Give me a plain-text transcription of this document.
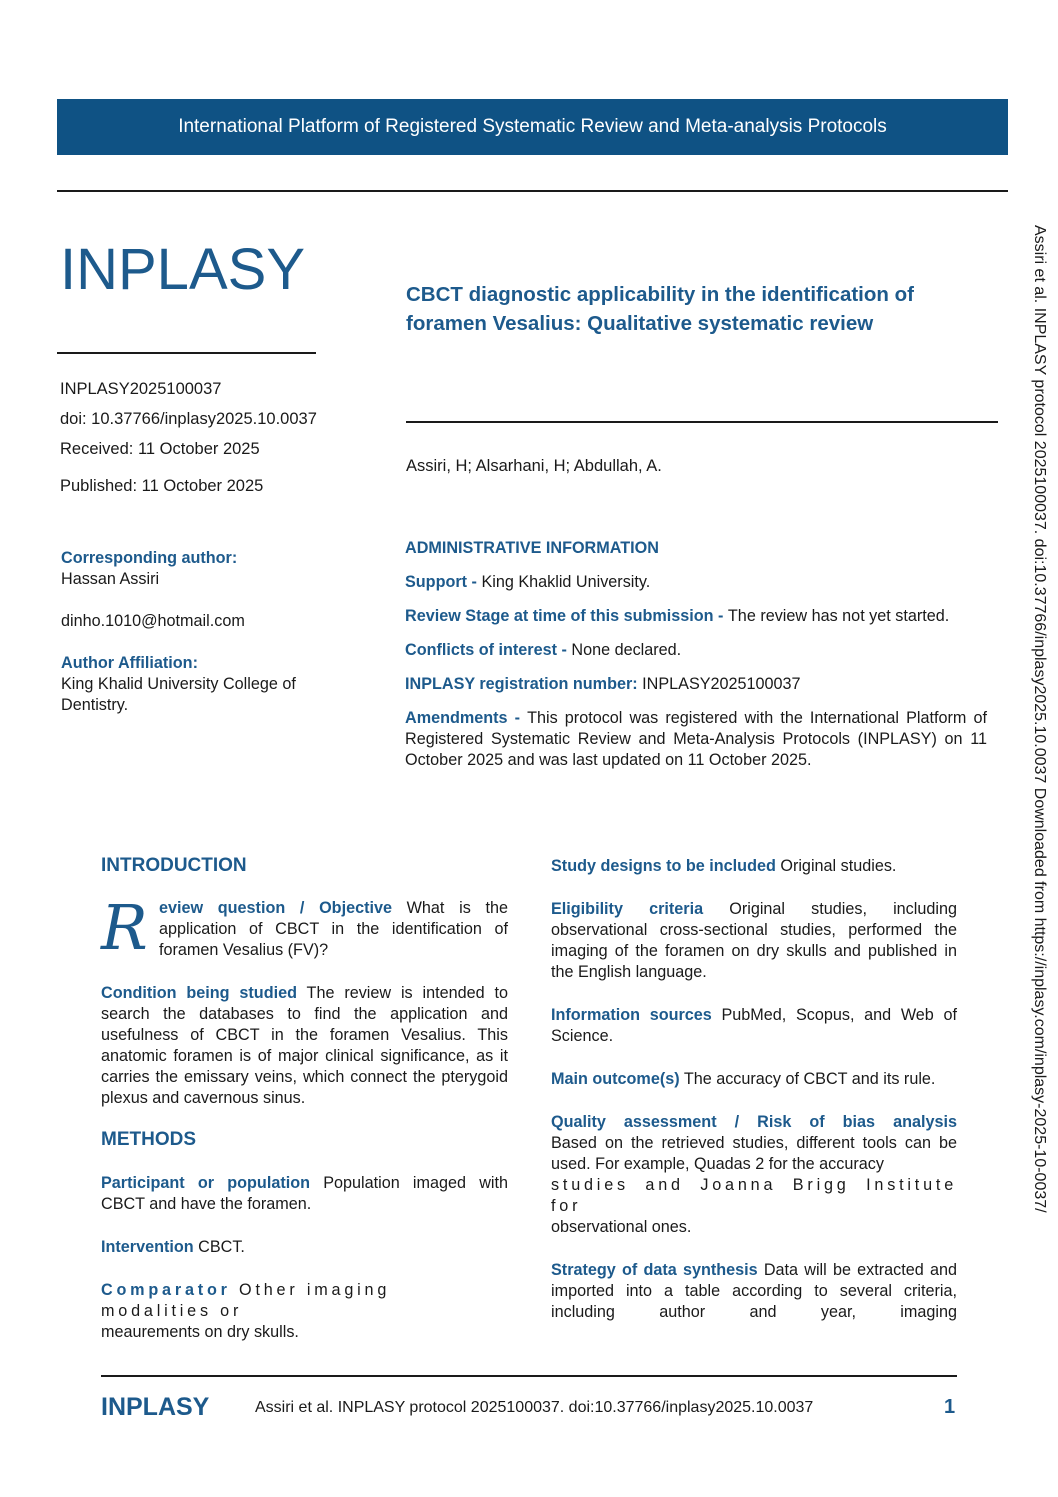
International Platform of Registered Systematic Review and Meta-analysis Protocols
INPLASY
INPLASY2025100037
doi: 10.37766/inplasy2025.10.0037
Received: 11 October 2025
Published: 11 October 2025
CBCT diagnostic applicability in the identification of foramen Vesalius: Qualitative systematic review
Assiri, H; Alsarhani, H; Abdullah, A.
Corresponding author:
Hassan Assiri
dinho.1010@hotmail.com
Author Affiliation:
King Khalid University College of Dentistry.

ADMINISTRATIVE INFORMATION

Support - King Khaklid University.

Review Stage at time of this submission - The review has not yet started.

Conflicts of interest - None declared.

INPLASY registration number: INPLASY2025100037

Amendments - This protocol was registered with the International Platform of Registered Systematic Review and Meta-Analysis Protocols (INPLASY) on 11 October 2025 and was last updated on 11 October 2025.

INTRODUCTION

Review question / Objective What is the application of CBCT in the identification of foramen Vesalius (FV)?

Condition being studied The review is intended to search the databases to find the application and usefulness of CBCT in the foramen Vesalius. This anatomic foramen is of major clinical significance, as it carries the emissary veins, which connect the pterygoid plexus and cavernous sinus.

METHODS

Participant or population Population imaged with CBCT and have the foramen.

Intervention CBCT.

Comparator Other imaging modalities or
meaurements on dry skulls.

Study designs to be included Original studies.

Eligibility criteria Original studies, including observational cross-sectional studies, performed the imaging of the foramen on dry skulls and published in the English language.

Information sources PubMed, Scopus, and Web of Science.

Main outcome(s) The accuracy of CBCT and its rule.

Quality assessment / Risk of bias analysis
Based on the retrieved studies, different tools can be used. For example, Quadas 2 for the accuracy
studies and Joanna Brigg Institute for
observational ones.

Strategy of data synthesis Data will be extracted and imported into a table according to several criteria, including author and year, imaging

Assiri et al. INPLASY protocol 2025100037. doi:10.37766/inplasy2025.10.0037 Downloaded from https://inplasy.com/inplasy-2025-10-0037/
INPLASY	Assiri et al. INPLASY protocol 2025100037. doi:10.37766/inplasy2025.10.0037	1
